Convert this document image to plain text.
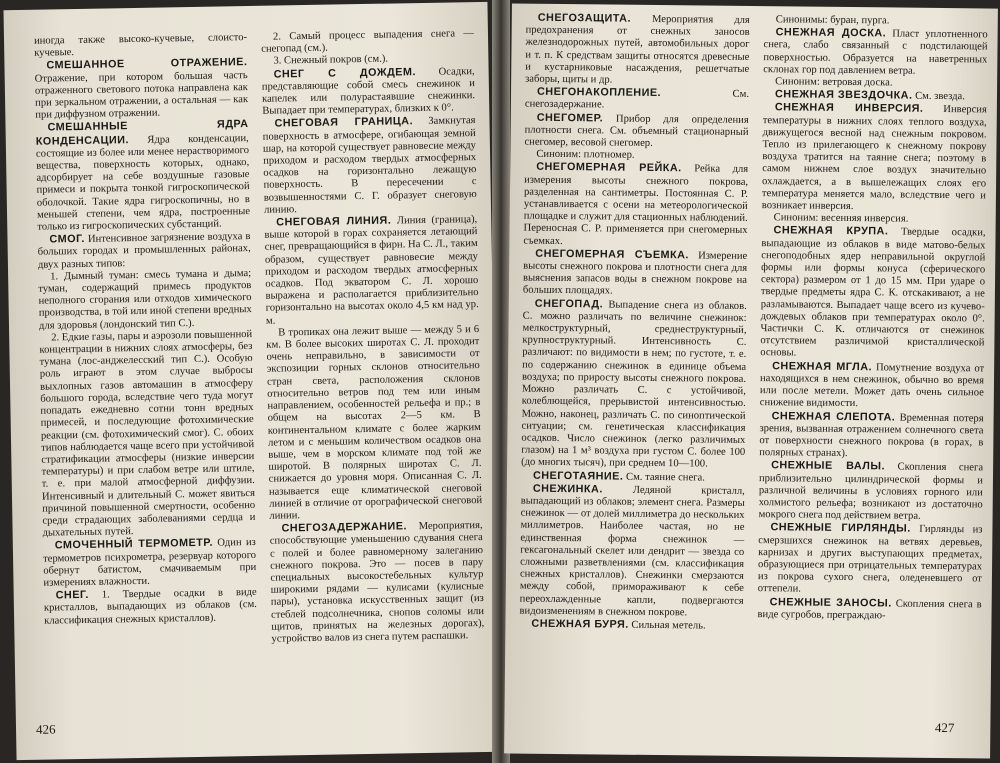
иногда также высоко-кучевые, слоисто-кучевые.

СМЕШАННОЕ ОТРАЖЕНИЕ. Отражение, при котором большая часть отраженного светового потока направлена как при зеркальном отражении, а остальная — как при диффузном отражении.

СМЕШАННЫЕ ЯДРА КОНДЕНСАЦИИ. Ядра конденсации, состоящие из более или менее нерастворимого вещества, поверхность которых, однако, адсорбирует на себе воздушные газовые примеси и покрыта тонкой гигроскопической оболочкой. Такие ядра гигроскопичны, но в меньшей степени, чем ядра, построенные только из гигроскопических субстанций.

СМОГ. Интенсивное загрязнение воздуха в больших городах и промышленных районах, двух разных типов:

1. Дымный туман: смесь тумана и дыма; туман, содержащий примесь продуктов неполного сгорания или отходов химического производства, в той или иной степени вредных для здоровья (лондонский тип С.).

2. Едкие газы, пары и аэрозоли повышенной концентрации в нижних слоях атмосферы, без тумана (лос-анджелесский тип С.). Особую роль играют в этом случае выбросы выхлопных газов автомашин в атмосферу большого города, вследствие чего туда могут попадать ежедневно сотни тонн вредных примесей, и последующие фотохимические реакции (см. фотохимический смог). С. обоих типов наблюдается чаще всего при устойчивой стратификации атмосферы (низкие инверсии температуры) и при слабом ветре или штиле, т. е. при малой атмосферной диффузии. Интенсивный и длительный С. может явиться причиной повышенной смертности, особенно среди страдающих заболеваниями сердца и дыхательных путей.

СМОЧЕННЫЙ ТЕРМОМЕТР. Один из термометров психрометра, резервуар которого обернут батистом, смачиваемым при измерениях влажности.

СНЕГ. 1. Твердые осадки в виде кристаллов, выпадающих из облаков (см. классификация снежных кристаллов).

2. Самый процесс выпадения снега — снегопад (см.).

3. Снежный покров (см.).

СНЕГ С ДОЖДЕМ. Осадки, представляющие собой смесь снежинок и капелек или полурастаявшие снежинки. Выпадает при температурах, близких к 0°.

СНЕГОВАЯ ГРАНИЦА. Замкнутая поверхность в атмосфере, огибающая земной шар, на которой существует равновесие между приходом и расходом твердых атмосферных осадков на горизонтально лежащую поверхность. В пересечении с возвышенностями С. Г. образует снеговую линию.

СНЕГОВАЯ ЛИНИЯ. Линия (граница), выше которой в горах сохраняется летающий снег, превращающийся в фирн. На С. Л., таким образом, существует равновесие между приходом и расходом твердых атмосферных осадков. Под экватором С. Л. хорошо выражена и располагается приблизительно горизонтально на высотах около 4,5 км над ур. м.

В тропиках она лежит выше — между 5 и 6 км. В более высоких широтах С. Л. проходит очень неправильно, в зависимости от экспозиции горных склонов относительно стран света, расположения склонов относительно ветров под тем или иным направлением, особенностей рельефа и пр.; в общем на высотах 2—5 км. В континентальном климате с более жарким летом и с меньшим количеством осадков она выше, чем в морском климате под той же широтой. В полярных широтах С. Л. снижается до уровня моря. Описанная С. Л. называется еще климатической снеговой линией в отличие от орографической снеговой линии.

СНЕГОЗАДЕРЖАНИЕ. Мероприятия, способствующие уменьшению сдувания снега с полей и более равномерному залеганию снежного покрова. Это — посев в пару специальных высокостебельных культур широкими рядами — кулисами (кулисные пары), установка искусственных защит (из стеблей подсолнечника, снопов соломы или щитов, принятых на железных дорогах), устройство валов из снега путем распашки.

426

СНЕГОЗАЩИТА. Мероприятия для предохранения от снежных заносов железнодорожных путей, автомобильных дорог и т. п. К средствам защиты относятся древесные и кустарниковые насаждения, решетчатые заборы, щиты и др.

СНЕГОНАКОПЛЕНИЕ.	См. снегозадержание.

СНЕГОМЕР. Прибор для определения плотности снега. См. объемный стационарный снегомер, весовой снегомер.

Синоним: плотномер.

СНЕГОМЕРНАЯ РЕЙКА. Рейка для измерения высоты снежного покрова, разделенная на сантиметры. Постоянная С. Р. устанавливается с осени на метеорологической площадке и служит для стационных наблюдений. Переносная С. Р. применяется при снегомерных съемках.

СНЕГОМЕРНАЯ СЪЕМКА. Измерение высоты снежного покрова и плотности снега для выяснения запасов воды в снежном покрове на больших площадях.

СНЕГОПАД. Выпадение снега из облаков. С. можно различать по величине снежинок: мелкоструктурный, среднеструктурный, крупноструктурный. Интенсивность С. различают: по видимости в нем; по густоте, т. е. по содержанию снежинок в единице объема воздуха; по приросту высоты снежного покрова. Можно различать С. с устойчивой, колеблющейся, прерывистой интенсивностью. Можно, наконец, различать С. по синоптической ситуации; см. генетическая классификация осадков. Число снежинок (легко различимых глазом) на 1 м³ воздуха при густом С. более 100 (до многих тысяч), при среднем 10—100.

СНЕГОТАЯНИЕ. См. таяние снега.

СНЕЖИНКА.	Ледяной кристалл, выпадающий из облаков; элемент снега. Размеры снежинок — от долей миллиметра до нескольких миллиметров. Наиболее частая, но не единственная форма снежинок — гексагональный скелет или дендрит — звезда со сложными разветвлениями (см. классификация снежных кристаллов). Снежинки смерзаются между собой, примораживают к себе переохлажденные капли, подвергаются видоизменениям в снежном покрове.

СНЕЖНАЯ БУРЯ. Сильная метель.

Синонимы: буран, пурга.

СНЕЖНАЯ ДОСКА. Пласт уплотненного снега, слабо связанный с подстилающей поверхностью. Образуется на наветренных склонах гор под давлением ветра.

Синоним: ветровая доска.

СНЕЖНАЯ ЗВЕЗДОЧКА. См. звезда.

СНЕЖНАЯ ИНВЕРСИЯ. Инверсия температуры в нижних слоях теплого воздуха, движущегося весной над снежным покровом. Тепло из прилегающего к снежному покрову воздуха тратится на таяние снега; поэтому в самом нижнем слое воздух значительно охлаждается, а в вышележащих слоях его температура меняется мало, вследствие чего и возникает инверсия.

Синоним: весенняя инверсия.

СНЕЖНАЯ КРУПА. Твердые осадки, выпадающие из облаков в виде матово-белых снегоподобных ядер неправильной округлой формы или формы конуса (сферического сектора) размером от 1 до 15 мм. При ударе о твердые предметы ядра С. К. отскакивают, а не разламываются. Выпадает чаще всего из кучево-дождевых облаков при температурах около 0°. Частички С. К. отличаются от снежинок отсутствием различимой кристаллической основы.

СНЕЖНАЯ МГЛА. Помутнение воздуха от находящихся в нем снежинок, обычно во время или после метели. Может дать очень сильное снижение видимости.

СНЕЖНАЯ СЛЕПОТА. Временная потеря зрения, вызванная отражением солнечного света от поверхности снежного покрова (в горах, в полярных странах).

СНЕЖНЫЕ ВАЛЫ. Скопления снега приблизительно цилиндрической формы и различной величины в условиях горного или холмистого рельефа; возникают из достаточно мокрого снега под действием ветра.

СНЕЖНЫЕ ГИРЛЯНДЫ. Гирлянды из смерзшихся снежинок на ветвях деревьев, карнизах и других выступающих предметах, образующиеся при отрицательных температурах из покрова сухого снега, оледеневшего от оттепели.

СНЕЖНЫЕ ЗАНОСЫ. Скопления снега в виде сугробов, преграждаю-

427
